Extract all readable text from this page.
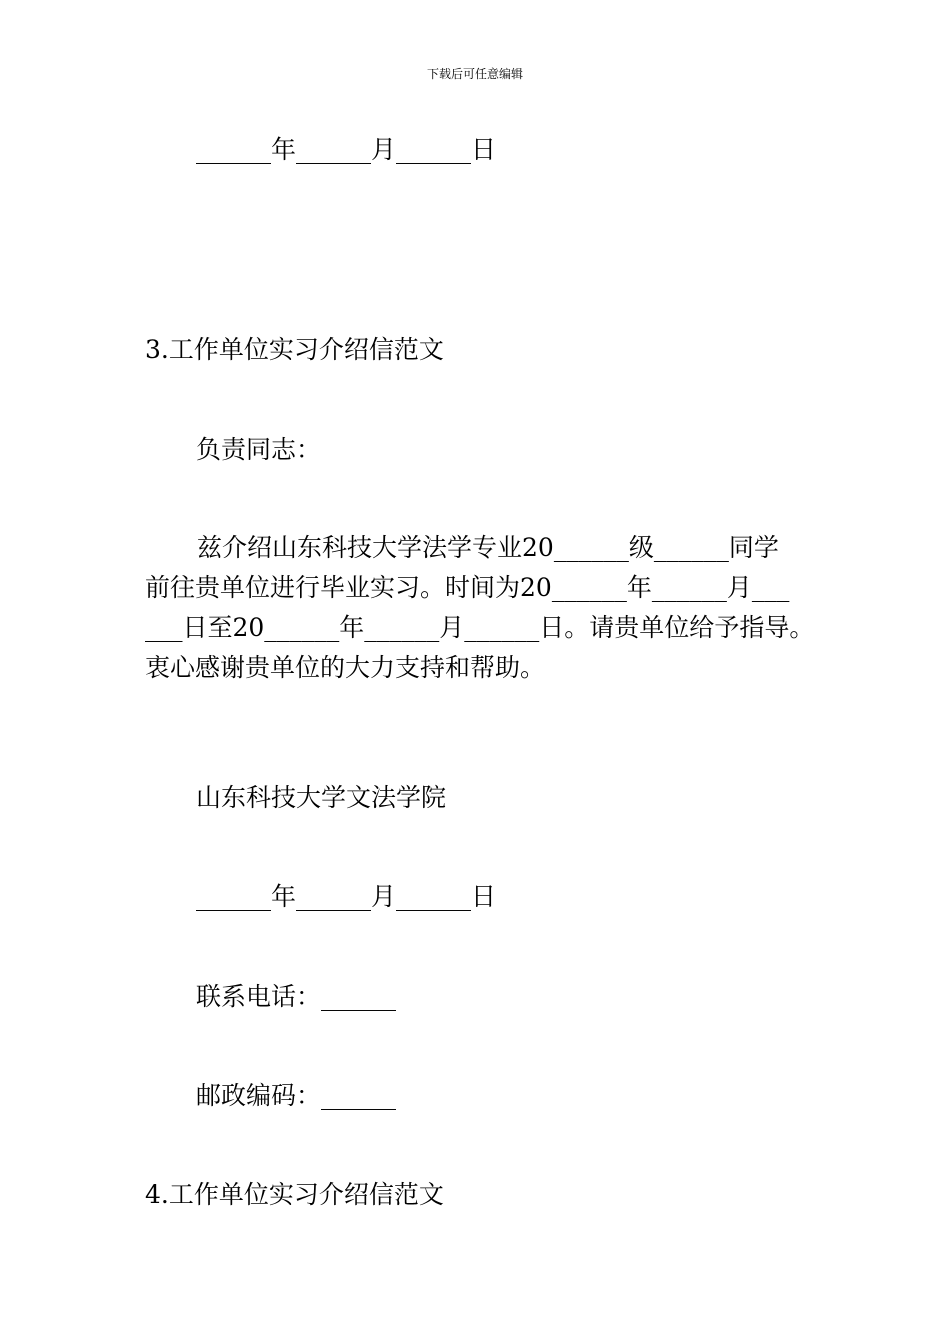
下载后可任意编辑
______年______月______日
3.工作单位实习介绍信范文
负责同志：
兹介绍山东科技大学法学专业20______级______同学
前往贵单位进行毕业实习。时间为20______年______月___
___日至20______年______月______日。请贵单位给予指导。
衷心感谢贵单位的大力支持和帮助。
山东科技大学文法学院
______年______月______日
联系电话：______
邮政编码：______
4.工作单位实习介绍信范文
